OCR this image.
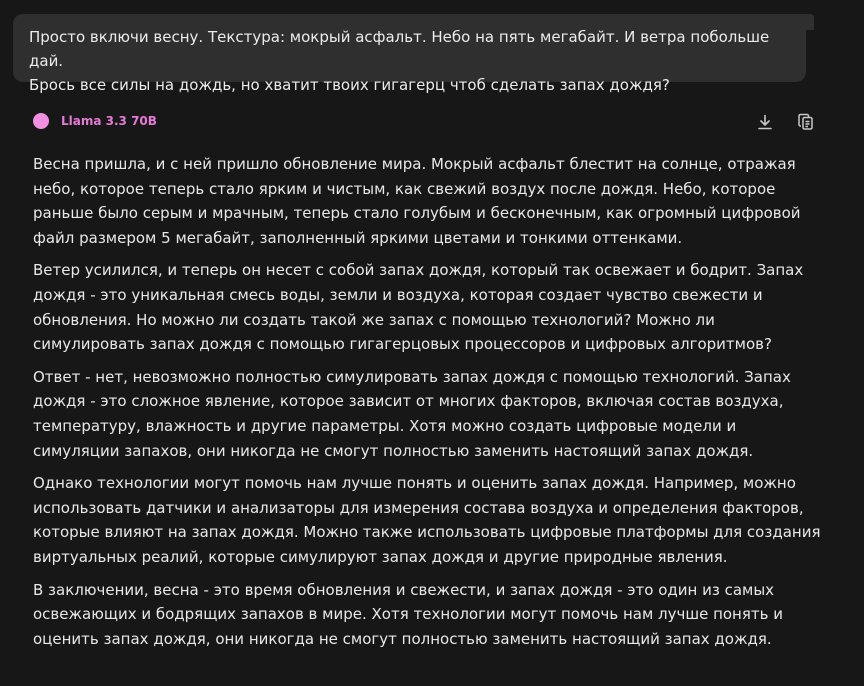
Просто включи весну. Текстура: мокрый асфальт. Небо на пять мегабайт. И ветра побольше дай.

Брось все силы на дождь, но хватит твоих гигагерц чтоб сделать запах дождя?

Llama 3.3 70B

Весна пришла, и с ней пришло обновление мира. Мокрый асфальт блестит на солнце, отражая небо, которое теперь стало ярким и чистым, как свежий воздух после дождя. Небо, которое раньше было серым и мрачным, теперь стало голубым и бесконечным, как огромный цифровой файл размером 5 мегабайт, заполненный яркими цветами и тонкими оттенками.

Ветер усилился, и теперь он несет с собой запах дождя, который так освежает и бодрит. Запах дождя - это уникальная смесь воды, земли и воздуха, которая создает чувство свежести и обновления. Но можно ли создать такой же запах с помощью технологий? Можно ли симулировать запах дождя с помощью гигагерцовых процессоров и цифровых алгоритмов?

Ответ - нет, невозможно полностью симулировать запах дождя с помощью технологий. Запах дождя - это сложное явление, которое зависит от многих факторов, включая состав воздуха, температуру, влажность и другие параметры. Хотя можно создать цифровые модели и симуляции запахов, они никогда не смогут полностью заменить настоящий запах дождя.

Однако технологии могут помочь нам лучше понять и оценить запах дождя. Например, можно использовать датчики и анализаторы для измерения состава воздуха и определения факторов, которые влияют на запах дождя. Можно также использовать цифровые платформы для создания виртуальных реалий, которые симулируют запах дождя и другие природные явления.

В заключении, весна - это время обновления и свежести, и запах дождя - это один из самых освежающих и бодрящих запахов в мире. Хотя технологии могут помочь нам лучше понять и оценить запах дождя, они никогда не смогут полностью заменить настоящий запах дождя.
